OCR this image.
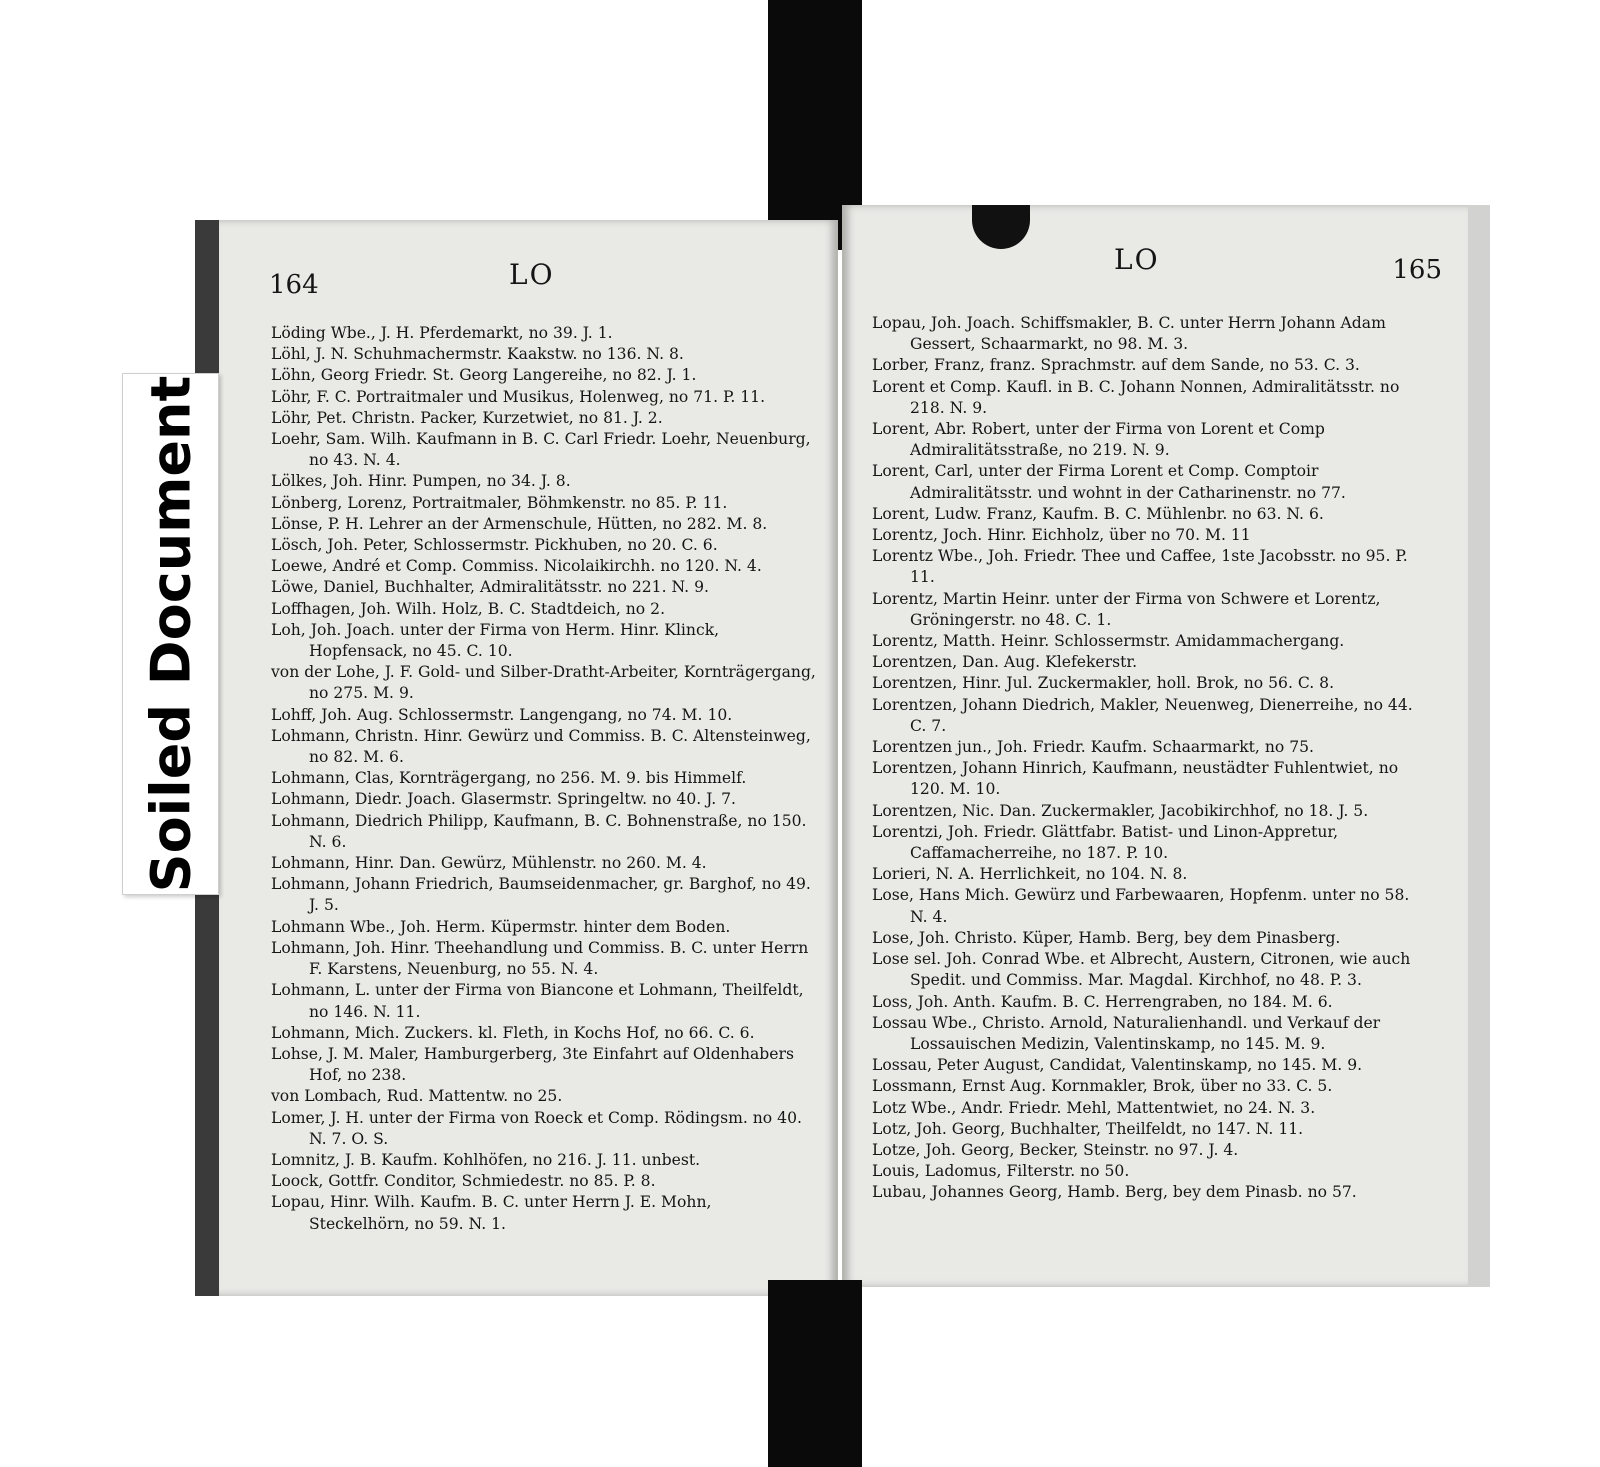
164	LO
Löding Wbe., J. H. Pferdemarkt, no 39. J. 1.
Löhl, J. N. Schuhmachermstr. Kaakstw. no 136. N. 8.
Löhn, Georg Friedr. St. Georg Langereihe, no 82. J. 1.
Löhr, F. C. Portraitmaler und Musikus, Holenweg, no 71. P. 11.
Löhr, Pet. Christn. Packer, Kurzetwiet, no 81. J. 2.
Loehr, Sam. Wilh. Kaufmann in B. C. Carl Friedr. Loehr, Neuenburg, no 43. N. 4.
Lölkes, Joh. Hinr. Pumpen, no 34. J. 8.
Lönberg, Lorenz, Portraitmaler, Böhmkenstr. no 85. P. 11.
Lönse, P. H. Lehrer an der Armenschule, Hütten, no 282. M. 8.
Lösch, Joh. Peter, Schlossermstr. Pickhuben, no 20. C. 6.
Loewe, André et Comp. Commiss. Nicolaikirchh. no 120. N. 4.
Löwe, Daniel, Buchhalter, Admiralitätsstr. no 221. N. 9.
Loffhagen, Joh. Wilh. Holz, B. C. Stadtdeich, no 2.
Loh, Joh. Joach. unter der Firma von Herm. Hinr. Klinck, Hopfensack, no 45. C. 10.
von der Lohe, J. F. Gold- und Silber-Dratht-Arbeiter, Kornträgergang, no 275. M. 9.
Lohff, Joh. Aug. Schlossermstr. Langengang, no 74. M. 10.
Lohmann, Christn. Hinr. Gewürz und Commiss. B. C. Altensteinweg, no 82. M. 6.
Lohmann, Clas, Kornträgergang, no 256. M. 9. bis Himmelf.
Lohmann, Diedr. Joach. Glasermstr. Springeltw. no 40. J. 7.
Lohmann, Diedrich Philipp, Kaufmann, B. C. Bohnenstraße, no 150. N. 6.
Lohmann, Hinr. Dan. Gewürz, Mühlenstr. no 260. M. 4.
Lohmann, Johann Friedrich, Baumseidenmacher, gr. Barghof, no 49. J. 5.
Lohmann Wbe., Joh. Herm. Küpermstr. hinter dem Boden.
Lohmann, Joh. Hinr. Theehandlung und Commiss. B. C. unter Herrn F. Karstens, Neuenburg, no 55. N. 4.
Lohmann, L. unter der Firma von Biancone et Lohmann, Theilfeldt, no 146. N. 11.
Lohmann, Mich. Zuckers. kl. Fleth, in Kochs Hof, no 66. C. 6.
Lohse, J. M. Maler, Hamburgerberg, 3te Einfahrt auf Oldenhabers Hof, no 238.
von Lombach, Rud. Mattentw. no 25.
Lomer, J. H. unter der Firma von Roeck et Comp. Rödingsm. no 40. N. 7. O. S.
Lomnitz, J. B. Kaufm. Kohlhöfen, no 216. J. 11. unbest.
Loock, Gottfr. Conditor, Schmiedestr. no 85. P. 8.
Lopau, Hinr. Wilh. Kaufm. B. C. unter Herrn J. E. Mohn, Steckelhörn, no 59. N. 1.
LO	165
Lopau, Joh. Joach. Schiffsmakler, B. C. unter Herrn Johann Adam Gessert, Schaarmarkt, no 98. M. 3.
Lorber, Franz, franz. Sprachmstr. auf dem Sande, no 53. C. 3.
Lorent et Comp. Kaufl. in B. C. Johann Nonnen, Admiralitätsstr. no 218. N. 9.
Lorent, Abr. Robert, unter der Firma von Lorent et Comp Admiralitätsstraße, no 219. N. 9.
Lorent, Carl, unter der Firma Lorent et Comp. Comptoir Admiralitätsstr. und wohnt in der Catharinenstr. no 77.
Lorent, Ludw. Franz, Kaufm. B. C. Mühlenbr. no 63. N. 6.
Lorentz, Joch. Hinr. Eichholz, über no 70. M. 11
Lorentz Wbe., Joh. Friedr. Thee und Caffee, 1ste Jacobsstr. no 95. P. 11.
Lorentz, Martin Heinr. unter der Firma von Schwere et Lorentz, Gröningerstr. no 48. C. 1.
Lorentz, Matth. Heinr. Schlossermstr. Amidammachergang.
Lorentzen, Dan. Aug. Klefekerstr.
Lorentzen, Hinr. Jul. Zuckermakler, holl. Brok, no 56. C. 8.
Lorentzen, Johann Diedrich, Makler, Neuenweg, Dienerreihe, no 44. C. 7.
Lorentzen jun., Joh. Friedr. Kaufm. Schaarmarkt, no 75.
Lorentzen, Johann Hinrich, Kaufmann, neustädter Fuhlentwiet, no 120. M. 10.
Lorentzen, Nic. Dan. Zuckermakler, Jacobikirchhof, no 18. J. 5.
Lorentzi, Joh. Friedr. Glättfabr. Batist- und Linon-Appretur, Caffamacherreihe, no 187. P. 10.
Lorieri, N. A. Herrlichkeit, no 104. N. 8.
Lose, Hans Mich. Gewürz und Farbewaaren, Hopfenm. unter no 58. N. 4.
Lose, Joh. Christo. Küper, Hamb. Berg, bey dem Pinasberg.
Lose sel. Joh. Conrad Wbe. et Albrecht, Austern, Citronen, wie auch Spedit. und Commiss. Mar. Magdal. Kirchhof, no 48. P. 3.
Loss, Joh. Anth. Kaufm. B. C. Herrengraben, no 184. M. 6.
Lossau Wbe., Christo. Arnold, Naturalienhandl. und Verkauf der Lossauischen Medizin, Valentinskamp, no 145. M. 9.
Lossau, Peter August, Candidat, Valentinskamp, no 145. M. 9.
Lossmann, Ernst Aug. Kornmakler, Brok, über no 33. C. 5.
Lotz Wbe., Andr. Friedr. Mehl, Mattentwiet, no 24. N. 3.
Lotz, Joh. Georg, Buchhalter, Theilfeldt, no 147. N. 11.
Lotze, Joh. Georg, Becker, Steinstr. no 97. J. 4.
Louis, Ladomus, Filterstr. no 50.
Lubau, Johannes Georg, Hamb. Berg, bey dem Pinasb. no 57.
Soiled Document
